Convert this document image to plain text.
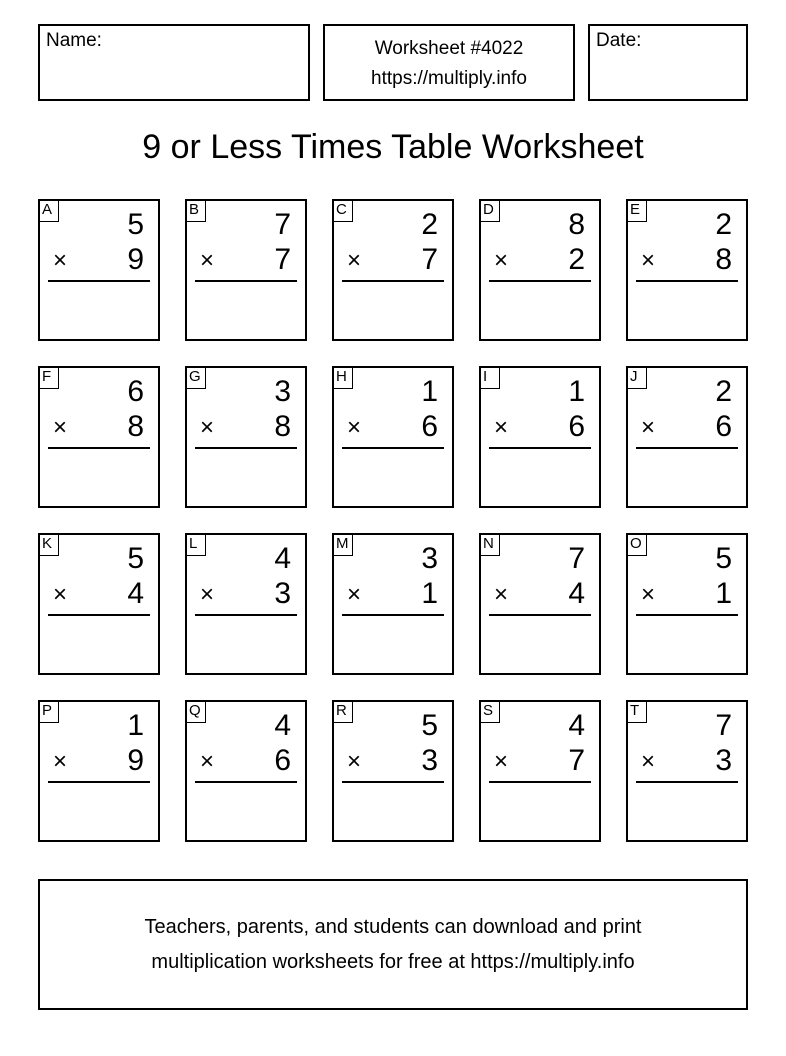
Name:	Worksheet #4022
https://multiply.info
Date:
9 or Less Times Table Worksheet
A	5
× 9
B	7
× 7
C 2
× 7
D 8
× 2
E	2
× 8
F	6
× 8
G 3
× 8
H 1
× 6
I	1
× 6
J	2
× 6
K	5
× 4
L	4
× 3
M 3
× 1
N 7
× 4
O 5
× 1
P	1
× 9
Q 4
× 6
R 5
× 3
S	4
× 7
T	7
× 3
Teachers, parents, and students can download and print
multiplication worksheets for free at https://multiply.info
